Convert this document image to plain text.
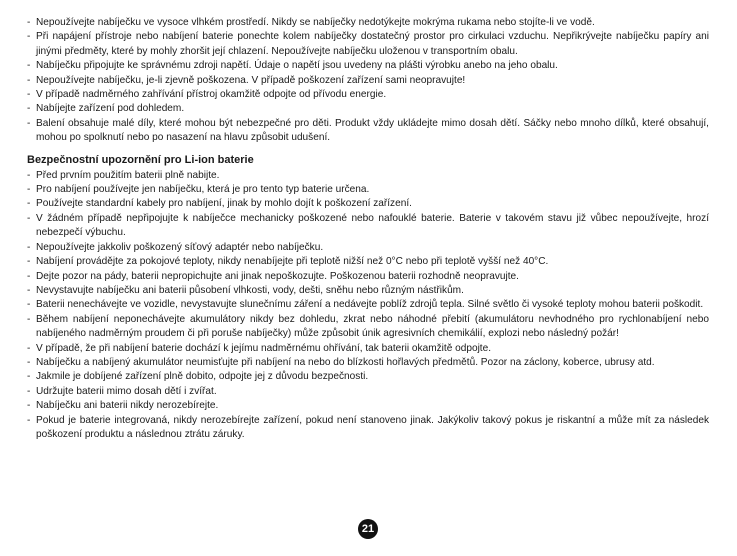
- Nepoužívejte nabíječku ve vysoce vlhkém prostředí. Nikdy se nabíječky nedotýkejte mokrýma rukama nebo stojíte-li ve vodě.
- Při napájení přístroje nebo nabíjení baterie ponechte kolem nabíječky dostatečný prostor pro cirkulaci vzduchu. Nepřikrývejte nabíječku papíry ani jinými předměty, které by mohly zhoršit její chlazení. Nepoužívejte nabíječku uloženou v transportním obalu.
- Nabíječku připojujte ke správnému zdroji napětí. Údaje o napětí jsou uvedeny na plášti výrobku anebo na jeho obalu.
- Nepoužívejte nabíječku, je-li zjevně poškozena. V případě poškození zařízení sami neopravujte!
- V případě nadměrného zahřívání přístroj okamžitě odpojte od přívodu energie.
- Nabíjejte zařízení pod dohledem.
- Balení obsahuje malé díly, které mohou být nebezpečné pro děti. Produkt vždy ukládejte mimo dosah dětí. Sáčky nebo mnoho dílků, které obsahují, mohou po spolknutí nebo po nasazení na hlavu způsobit udušení.
Bezpečnostní upozornění pro Li-ion baterie
- Před prvním použitím baterii plně nabijte.
- Pro nabíjení používejte jen nabíječku, která je pro tento typ baterie určena.
- Používejte standardní kabely pro nabíjení, jinak by mohlo dojít k poškození zařízení.
- V žádném případě nepřipojujte k nabíječce mechanicky poškozené nebo nafouklé baterie. Baterie v takovém stavu již vůbec nepoužívejte, hrozí nebezpečí výbuchu.
- Nepoužívejte jakkoliv poškozený síťový adaptér nebo nabíječku.
- Nabíjení provádějte za pokojové teploty, nikdy nenabíjejte při teplotě nižší než 0°C nebo při teplotě vyšší než 40°C.
- Dejte pozor na pády, baterii nepropichujte ani jinak nepoškozujte. Poškozenou baterii rozhodně neopravujte.
- Nevystavujte nabíječku ani baterii působení vlhkosti, vody, dešti, sněhu nebo různým nástřikům.
- Baterii nenechávejte ve vozidle, nevystavujte slunečnímu záření a nedávejte poblíž zdrojů tepla. Silné světlo či vysoké teploty mohou baterii poškodit.
- Během nabíjení neponechávejte akumulátory nikdy bez dohledu, zkrat nebo náhodné přebití (akumulátoru nevhodného pro rychlonabíjení nebo nabíjeného nadměrným proudem či při poruše nabíječky) může způsobit únik agresivních chemikálií, explozi nebo následný požár!
- V případě, že při nabíjení baterie dochází k jejímu nadměrnému ohřívání, tak baterii okamžitě odpojte.
- Nabíječku a nabíjený akumulátor neumisťujte při nabíjení na nebo do blízkosti hořlavých předmětů. Pozor na záclony, koberce, ubrusy atd.
- Jakmile je dobíjené zařízení plně dobito, odpojte jej z důvodu bezpečnosti.
- Udržujte baterii mimo dosah dětí i zvířat.
- Nabíječku ani baterii nikdy nerozebírejte.
- Pokud je baterie integrovaná, nikdy nerozebírejte zařízení, pokud není stanoveno jinak. Jakýkoliv takový pokus je riskantní a může mít za následek poškození produktu a následnou ztrátu záruky.
21
